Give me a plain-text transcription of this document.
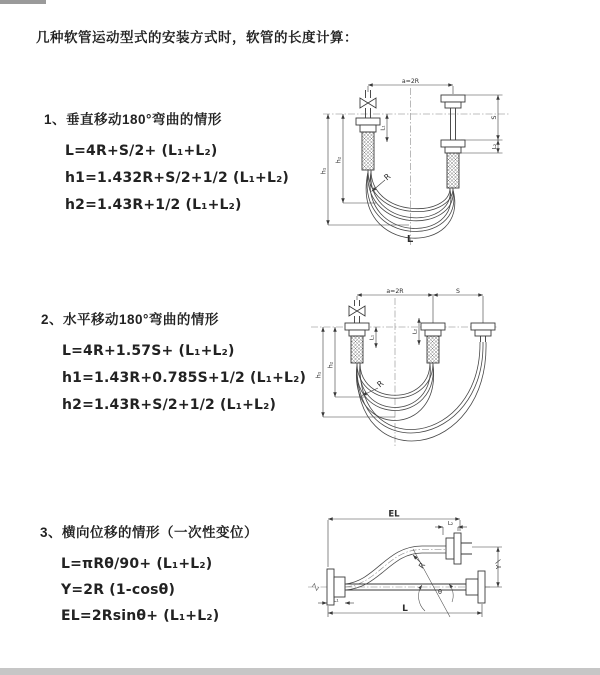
几种软管运动型式的安装方式时，软管的长度计算：
1、垂直移动180°弯曲的情形
L=4R+S/2+ (L₁+L₂)
h1=1.432R+S/2+1/2 (L₁+L₂)
h2=1.43R+1/2 (L₁+L₂)
2、水平移动180°弯曲的情形
L=4R+1.57S+ (L₁+L₂)
h1=1.43R+0.785S+1/2 (L₁+L₂)
h2=1.43R+S/2+1/2 (L₁+L₂)
3、横向位移的情形（一次性变位）
L=πRθ/90+ (L₁+L₂)
Y=2R (1-cosθ)
EL=2Rsinθ+ (L₁+L₂)
a=2R
h₁
h₂
L₁
S
L₂
R
L
a=2R	S
h₁
h₂
L₁
L₂
R
EL
L₂
Y
R
θ
L₁
L
